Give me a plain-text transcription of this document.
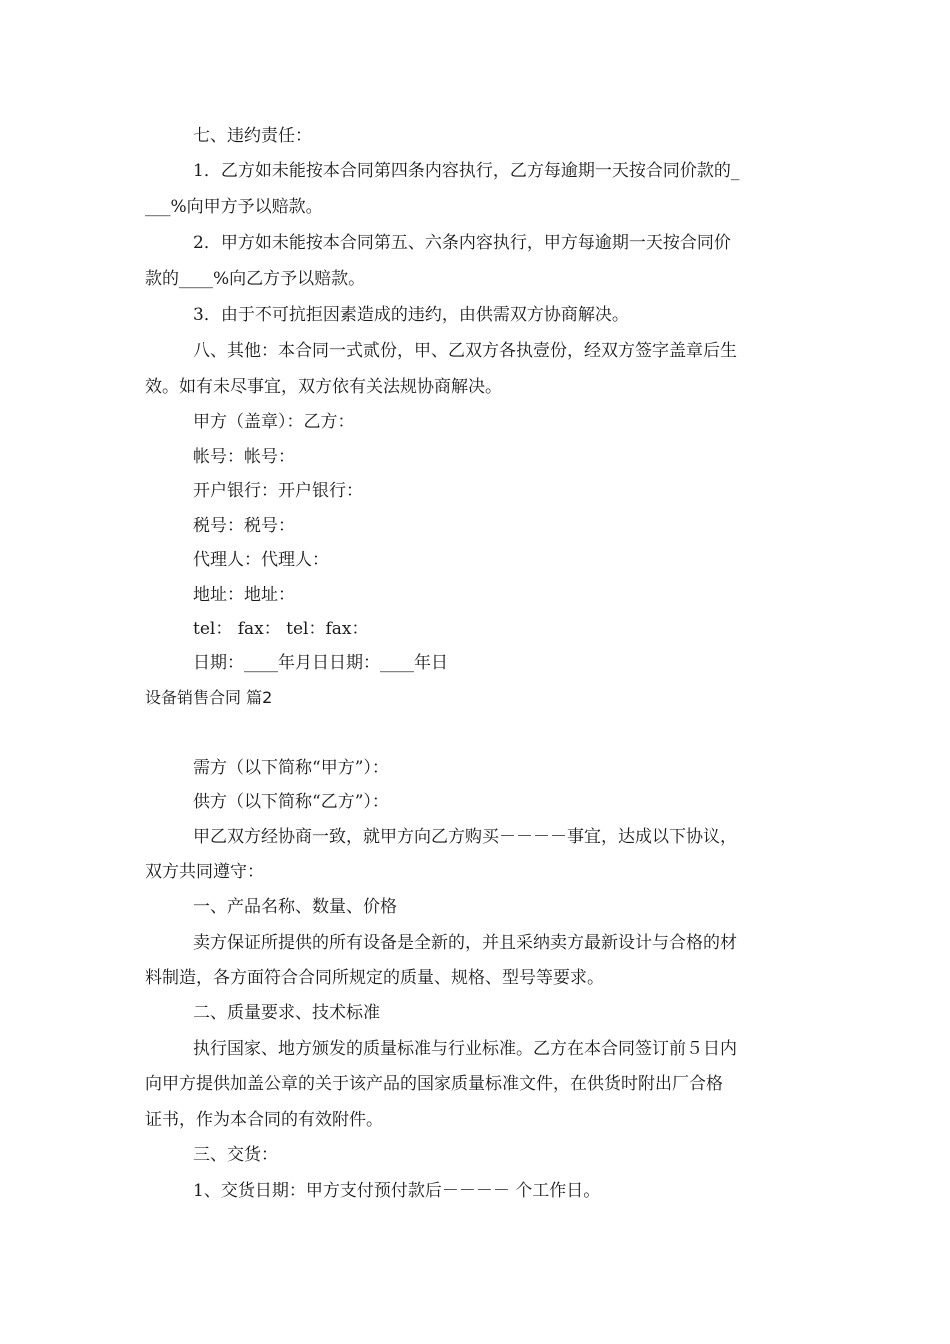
七、违约责任：
1．乙方如未能按本合同第四条内容执行，乙方每逾期一天按合同价款的_
___%向甲方予以赔款。
2．甲方如未能按本合同第五、六条内容执行，甲方每逾期一天按合同价
款的____%向乙方予以赔款。
3．由于不可抗拒因素造成的违约，由供需双方协商解决。
八、其他：本合同一式贰份，甲、乙双方各执壹份，经双方签字盖章后生
效。如有未尽事宜，双方依有关法规协商解决。
甲方（盖章）：乙方：
帐号：帐号：
开户银行：开户银行：
税号：税号：
代理人：代理人：
地址：地址：
tel： fax： tel：fax：
日期：____年月日日期：____年日
设备销售合同 篇2
需方（以下简称“甲方”）：
供方（以下简称“乙方”）：
甲乙双方经协商一致，就甲方向乙方购买－－－－事宜，达成以下协议，
双方共同遵守：
一、产品名称、数量、价格
卖方保证所提供的所有设备是全新的，并且采纳卖方最新设计与合格的材
料制造，各方面符合合同所规定的质量、规格、型号等要求。
二、质量要求、技术标准
执行国家、地方颁发的质量标准与行业标准。乙方在本合同签订前５日内
向甲方提供加盖公章的关于该产品的国家质量标准文件，在供货时附出厂合格
证书，作为本合同的有效附件。
三、交货：
1、交货日期：甲方支付预付款后－－－－ 个工作日。
